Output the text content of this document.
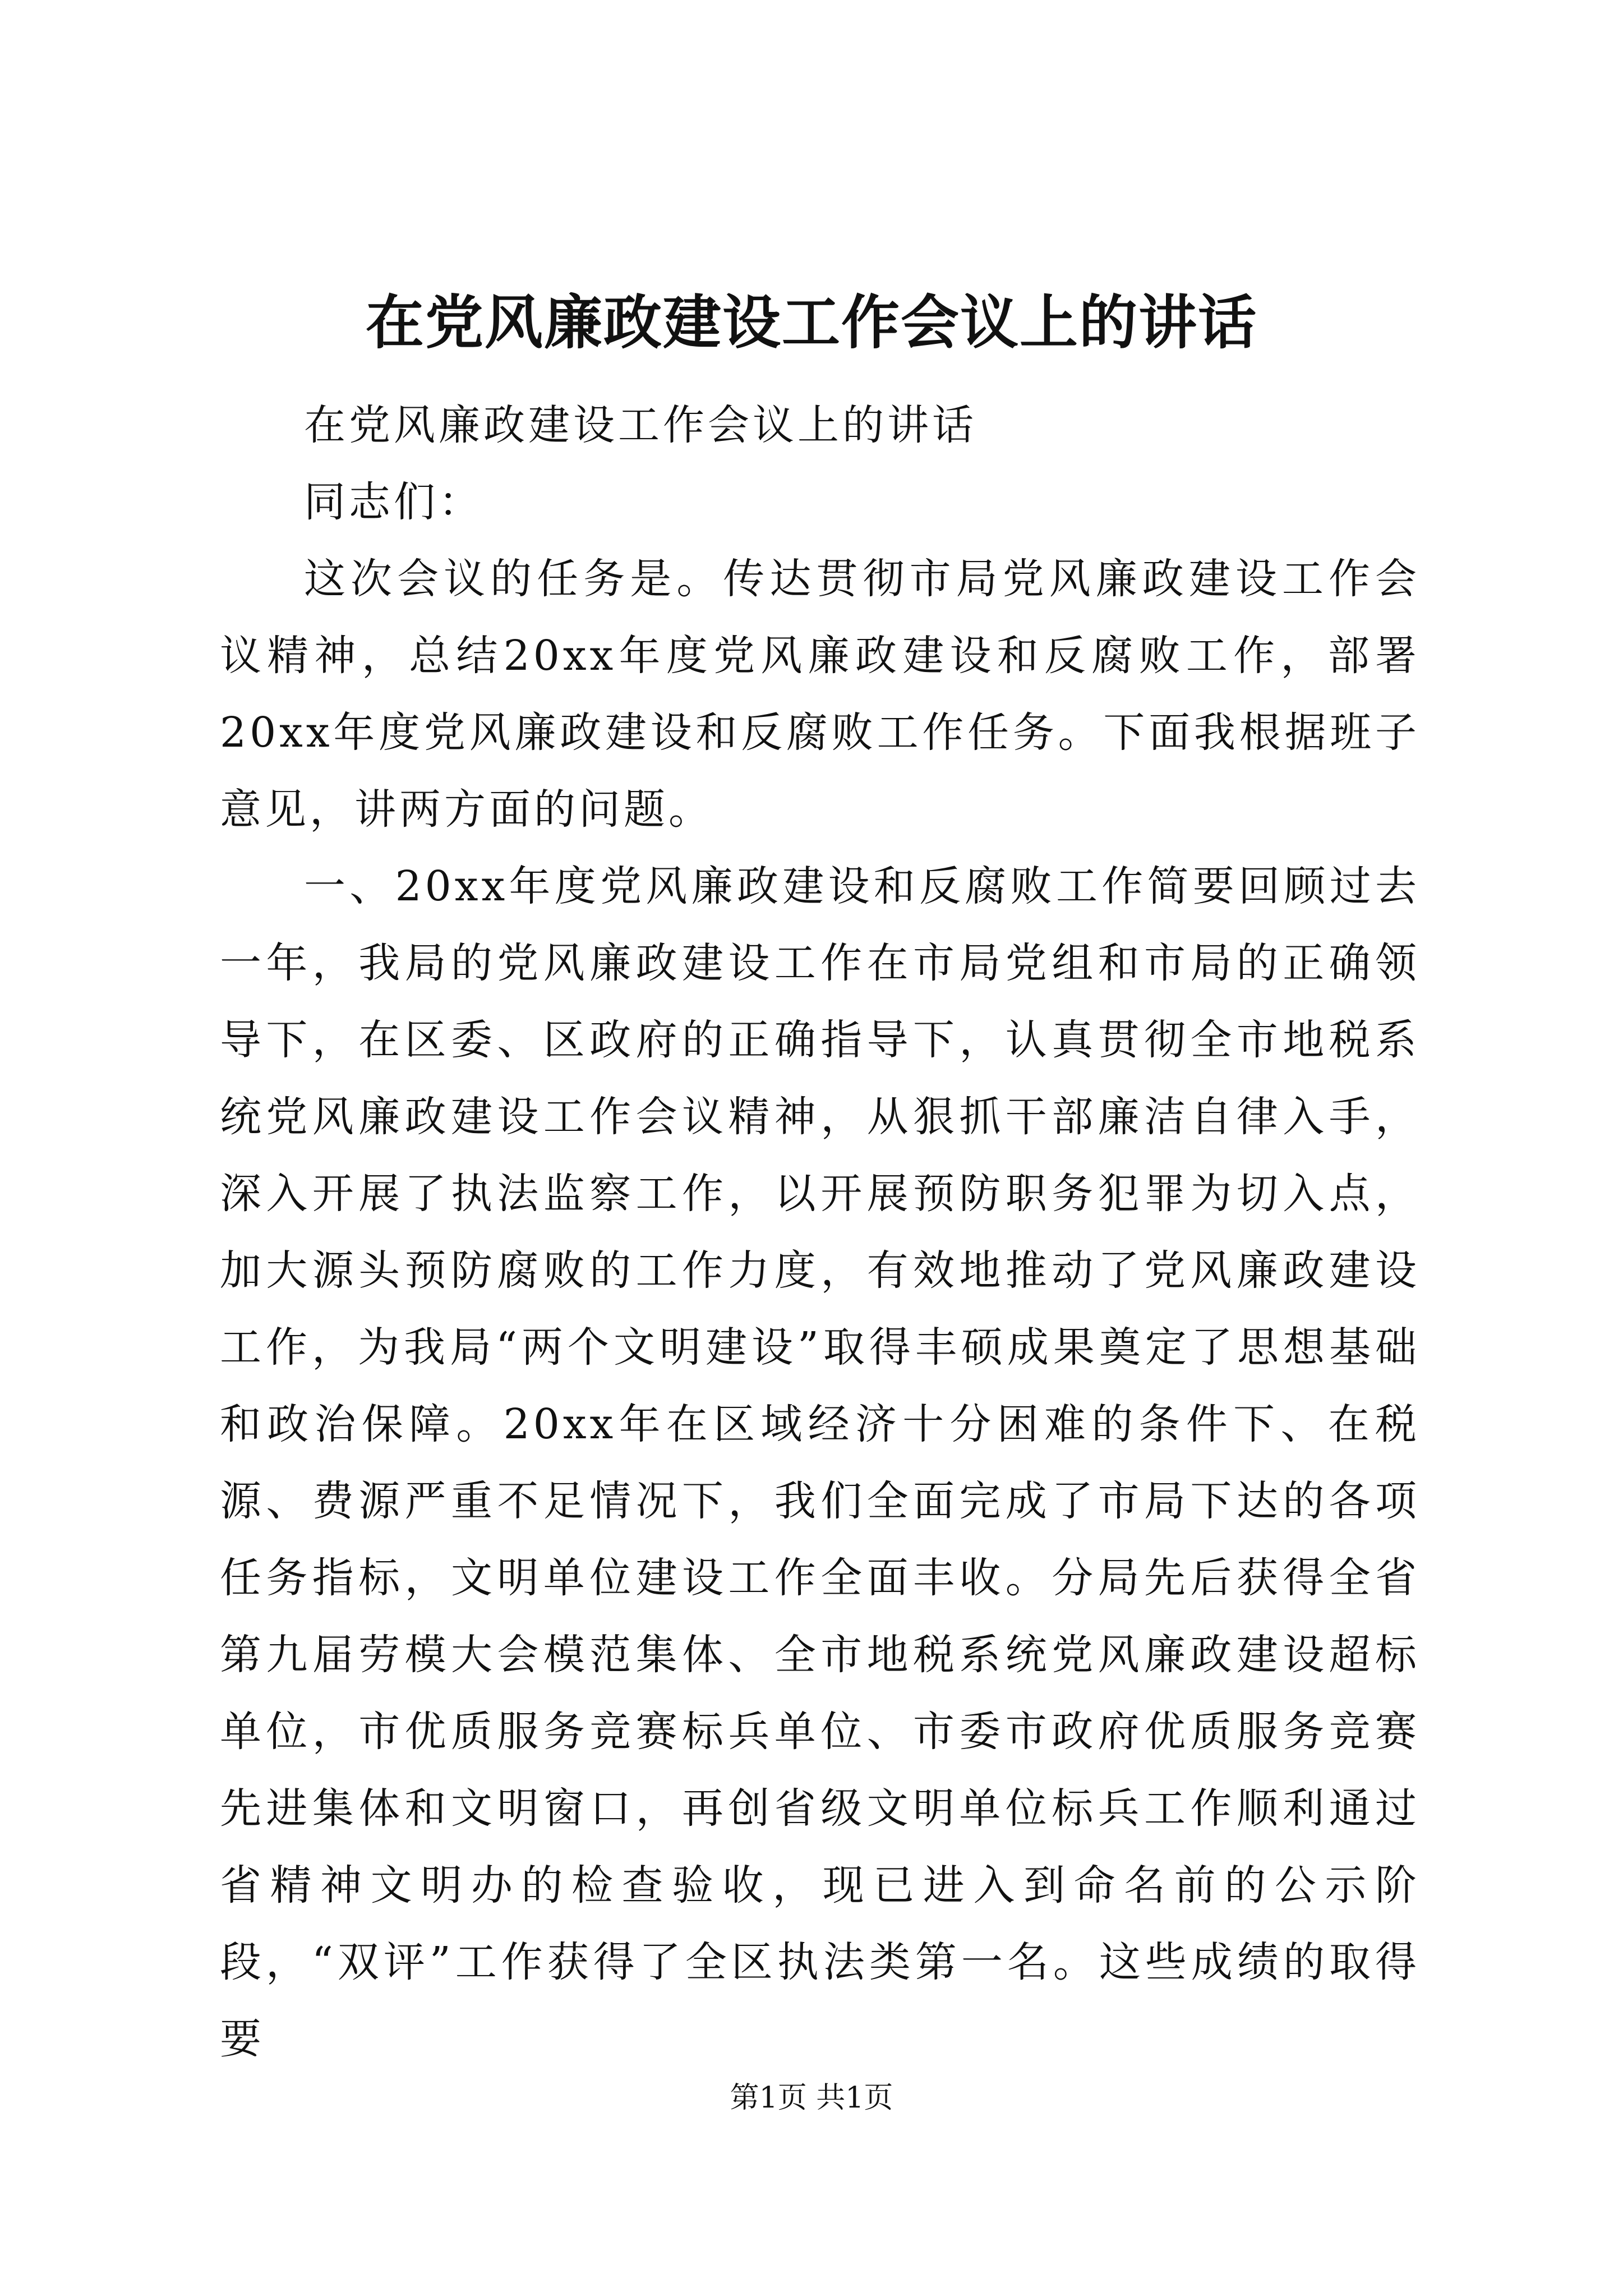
在党风廉政建设工作会议上的讲话

在党风廉政建设工作会议上的讲话

同志们：

这次会议的任务是。传达贯彻市局党风廉政建设工作会议精神，总结20xx年度党风廉政建设和反腐败工作，部署20xx年度党风廉政建设和反腐败工作任务。下面我根据班子意见，讲两方面的问题。

一、20xx年度党风廉政建设和反腐败工作简要回顾过去一年，我局的党风廉政建设工作在市局党组和市局的正确领导下，在区委、区政府的正确指导下，认真贯彻全市地税系统党风廉政建设工作会议精神，从狠抓干部廉洁自律入手，深入开展了执法监察工作，以开展预防职务犯罪为切入点，加大源头预防腐败的工作力度，有效地推动了党风廉政建设工作，为我局“两个文明建设”取得丰硕成果奠定了思想基础和政治保障。20xx年在区域经济十分困难的条件下、在税源、费源严重不足情况下，我们全面完成了市局下达的各项任务指标，文明单位建设工作全面丰收。分局先后获得全省第九届劳模大会模范集体、全市地税系统党风廉政建设超标单位，市优质服务竞赛标兵单位、市委市政府优质服务竞赛先进集体和文明窗口，再创省级文明单位标兵工作顺利通过省精神文明办的检查验收，现已进入到命名前的公示阶段，“双评”工作获得了全区执法类第一名。这些成绩的取得要

第1页 共1页
